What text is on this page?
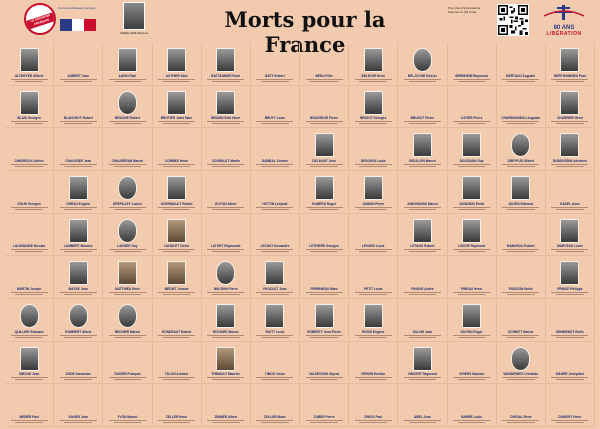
LE SOUVENIR FRANÇAIS
Comité de Messein Ceintrey
ANDELAIRE Maxime
Morts pour la France
Pour plus d'informations Scannez le QR Code
80 ANS
LIBÉRATION
ALTMEYER Gilbert	AUBERT Jean	AUDIN Paul	AUTHIER Abel	BATTANNIER René	BATY Robert	BÉDU Félix	BELDOIR Henri	BELJOCHE Kintzer	BERNHEIM Raymond	BERTAUD Auguste	BERTHOMMIEU Paul
BLAIS Georges	BLANCHOT Robert	BRACHE Robert	BROTIER Jules Marc	BRUNELEAU Henri	BRUYT Louis	BRASSEUR Pierre	BRIGOT Georges	BRUNOT Pierre	CATIER Pierre	CHARBONNEAU Auguste	CHARRIER Henri
CHARROUX Adrien	CHAUSSEE Jean	CHAUDERAN Marcel	COMBES Henri	COURAULT Martin	DAMBAL Jérôme	DELAVAIT Jean	DESOUFA Louis	DIEULLEN Marcel	DOUSSAIN Guy	DREYFUS Gilbert	DUBOURDIN Adrienne
GOUN Georges	GRÉAU Eugène	GREFILLEY Lucien	GUERINAULT Robert	GUYON Albert	HOTTIN Léopold	HUMERU Roger	JAMAIN Pierre	JUNGHANNS Marcel	JUZANSKI Émile	JULIEN Edmond	KADEL Anne
LALEMANDE Nicolas	LAMBERT Maurice	LANGER Guy	LANGLET Victor	LATURT Raymonde	LECHAT Alexandre	LETHIERE Georges	LEVARD Louis	LETANG Robert	LISCHE Raymond	MANGEAU Robert	MARCEAU Louis
MARTIN Joseph	MASSE Jean	MATTHIEU René	MEDIET Jeanne	NIKODIM Pierre	PAGOULT Jean	PERRINEAU Marc	PETIT Louis	PINGUE André	PINEAU Henri	POISSON Emile	PRINCE Philippe
QUILLIER Edouard	RAMBERT Albert	RECHIER Marcel	RONDEAUT Robert	RICHARD Marcel	RIOTT Louis	ROBERTY Jean-Pierre	ROSSI Eugène	SALOM Jean	SAVIGN Roger	SCHMITT Marcel	SEMMENOT Émile
SIBOUD Jean	SODE Alexandre	TASSER François	TALON Antoine	THIBAULT Maurice	TIMOS Victor	VALSEGGINI Ulysse	VERDIN Emilien	VINCENT Raymond	VIVIERS Maurice	WANDEWIES Christian	WAGER Joséphine
WEBER Paul	XAVIER Jean	YVON Marcel	ZELLER Henri	ZIMMER Albert	ZOLLER Marie	ZUBER Pierre	ZWICK Paul	ABEL Jean	BARRE Louis	CHEVAL René	DUMONT Henri
